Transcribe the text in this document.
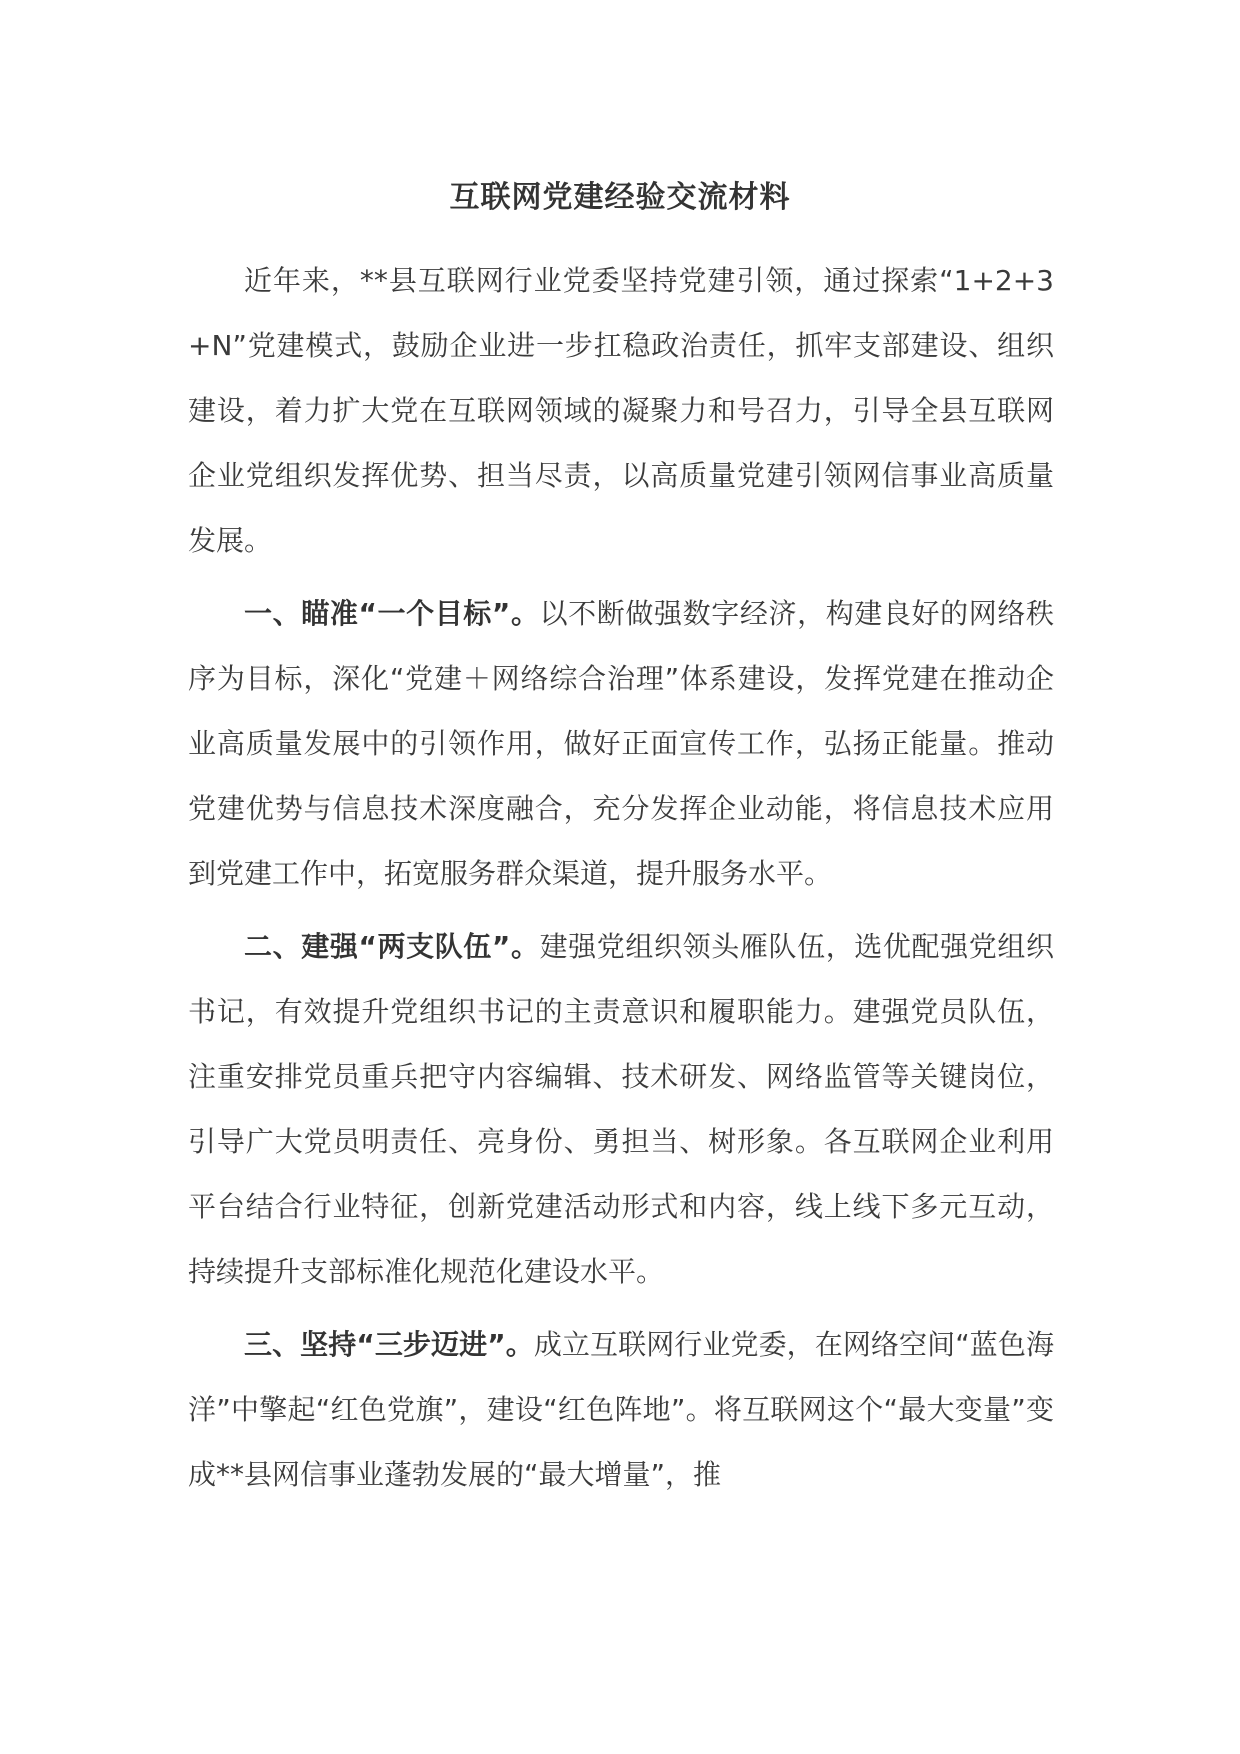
互联网党建经验交流材料

近年来，**县互联网行业党委坚持党建引领，通过探索“1+2+3+N”党建模式，鼓励企业进一步扛稳政治责任，抓牢支部建设、组织建设，着力扩大党在互联网领域的凝聚力和号召力，引导全县互联网企业党组织发挥优势、担当尽责，以高质量党建引领网信事业高质量发展。

一、瞄准“一个目标”。以不断做强数字经济，构建良好的网络秩序为目标，深化“党建＋网络综合治理”体系建设，发挥党建在推动企业高质量发展中的引领作用，做好正面宣传工作，弘扬正能量。推动党建优势与信息技术深度融合，充分发挥企业动能，将信息技术应用到党建工作中，拓宽服务群众渠道，提升服务水平。

二、建强“两支队伍”。建强党组织领头雁队伍，选优配强党组织书记，有效提升党组织书记的主责意识和履职能力。建强党员队伍，注重安排党员重兵把守内容编辑、技术研发、网络监管等关键岗位，引导广大党员明责任、亮身份、勇担当、树形象。各互联网企业利用平台结合行业特征，创新党建活动形式和内容，线上线下多元互动，持续提升支部标准化规范化建设水平。

三、坚持“三步迈进”。成立互联网行业党委，在网络空间“蓝色海洋”中擎起“红色党旗”，建设“红色阵地”。将互联网这个“最大变量”变成**县网信事业蓬勃发展的“最大增量”，推
